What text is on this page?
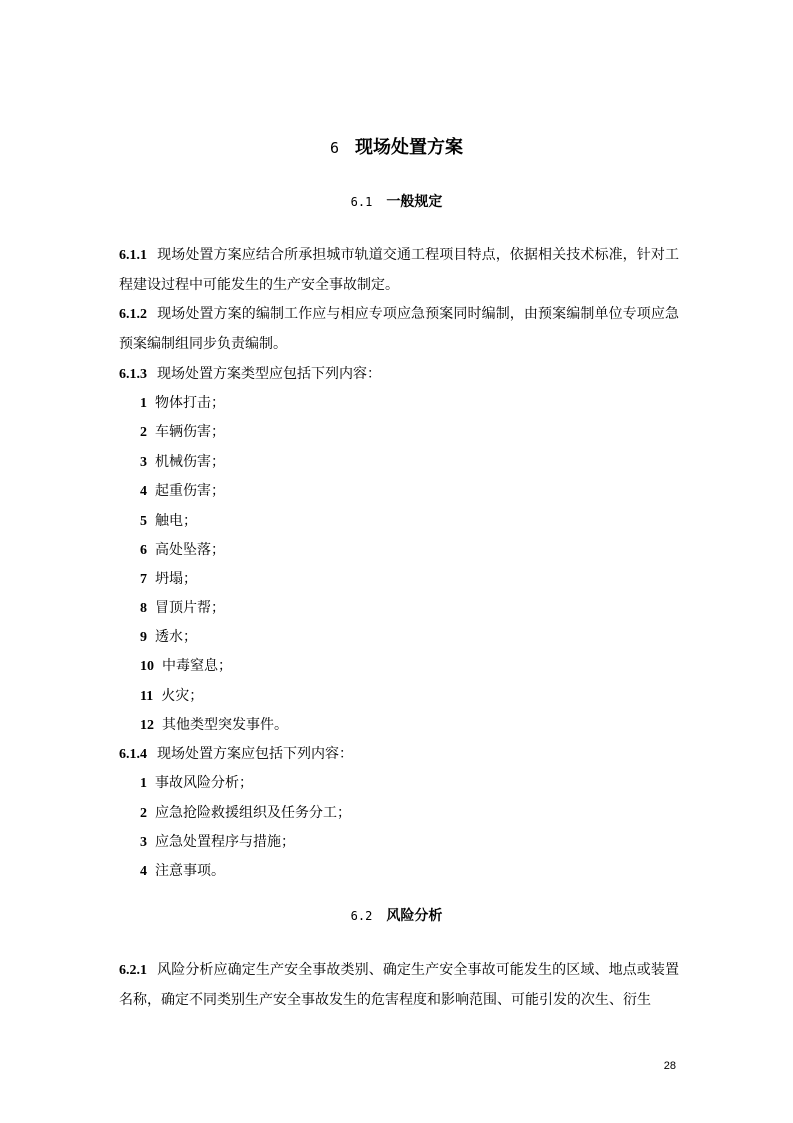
6 现场处置方案
6.1 一般规定
6.1.1 现场处置方案应结合所承担城市轨道交通工程项目特点，依据相关技术标准，针对工程建设过程中可能发生的生产安全事故制定。
6.1.2 现场处置方案的编制工作应与相应专项应急预案同时编制，由预案编制单位专项应急预案编制组同步负责编制。
6.1.3 现场处置方案类型应包括下列内容：
1 物体打击；
2 车辆伤害；
3 机械伤害；
4 起重伤害；
5 触电；
6 高处坠落；
7 坍塌；
8 冒顶片帮；
9 透水；
10 中毒窒息；
11 火灾；
12 其他类型突发事件。
6.1.4 现场处置方案应包括下列内容：
1 事故风险分析；
2 应急抢险救援组织及任务分工；
3 应急处置程序与措施；
4 注意事项。
6.2 风险分析
6.2.1 风险分析应确定生产安全事故类别、确定生产安全事故可能发生的区域、地点或装置名称，确定不同类别生产安全事故发生的危害程度和影响范围、可能引发的次生、衍生
28
